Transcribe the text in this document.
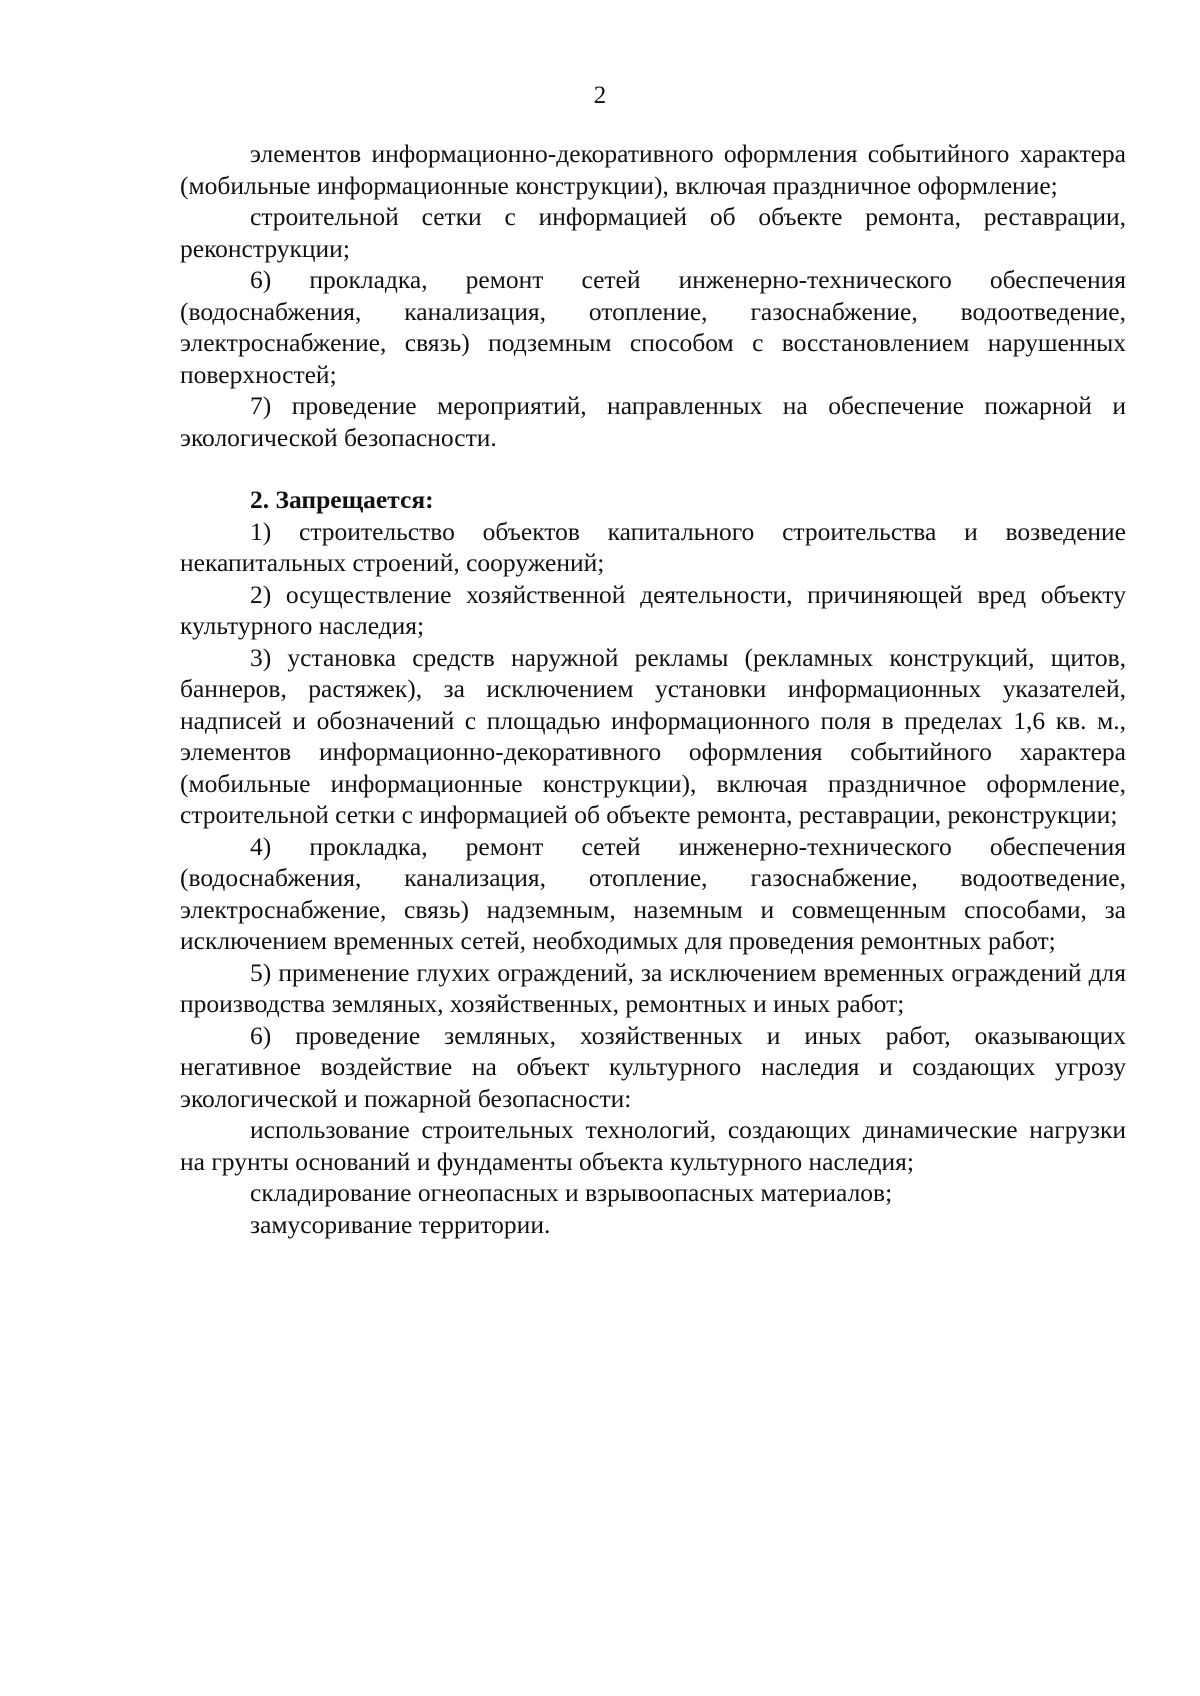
2

элементов информационно-декоративного оформления событийного характера (мобильные информационные конструкции), включая праздничное оформление;

строительной сетки с информацией об объекте ремонта, реставрации, реконструкции;

6) прокладка, ремонт сетей инженерно-технического обеспечения (водоснабжения, канализация, отопление, газоснабжение, водоотведение, электроснабжение, связь) подземным способом с восстановлением нарушенных поверхностей;

7) проведение мероприятий, направленных на обеспечение пожарной и экологической безопасности.

2. Запрещается:

1) строительство объектов капитального строительства и возведение некапитальных строений, сооружений;

2) осуществление хозяйственной деятельности, причиняющей вред объекту культурного наследия;

3) установка средств наружной рекламы (рекламных конструкций, щитов, баннеров, растяжек), за исключением установки информационных указателей, надписей и обозначений с площадью информационного поля в пределах 1,6 кв. м., элементов информационно-декоративного оформления событийного характера (мобильные информационные конструкции), включая праздничное оформление, строительной сетки с информацией об объекте ремонта, реставрации, реконструкции;

4) прокладка, ремонт сетей инженерно-технического обеспечения (водоснабжения, канализация, отопление, газоснабжение, водоотведение, электроснабжение, связь) надземным, наземным и совмещенным способами, за исключением временных сетей, необходимых для проведения ремонтных работ;

5) применение глухих ограждений, за исключением временных ограждений для производства земляных, хозяйственных, ремонтных и иных работ;

6) проведение земляных, хозяйственных и иных работ, оказывающих негативное воздействие на объект культурного наследия и создающих угрозу экологической и пожарной безопасности:

использование строительных технологий, создающих динамические нагрузки на грунты оснований и фундаменты объекта культурного наследия;

складирование огнеопасных и взрывоопасных материалов;

замусоривание территории.
